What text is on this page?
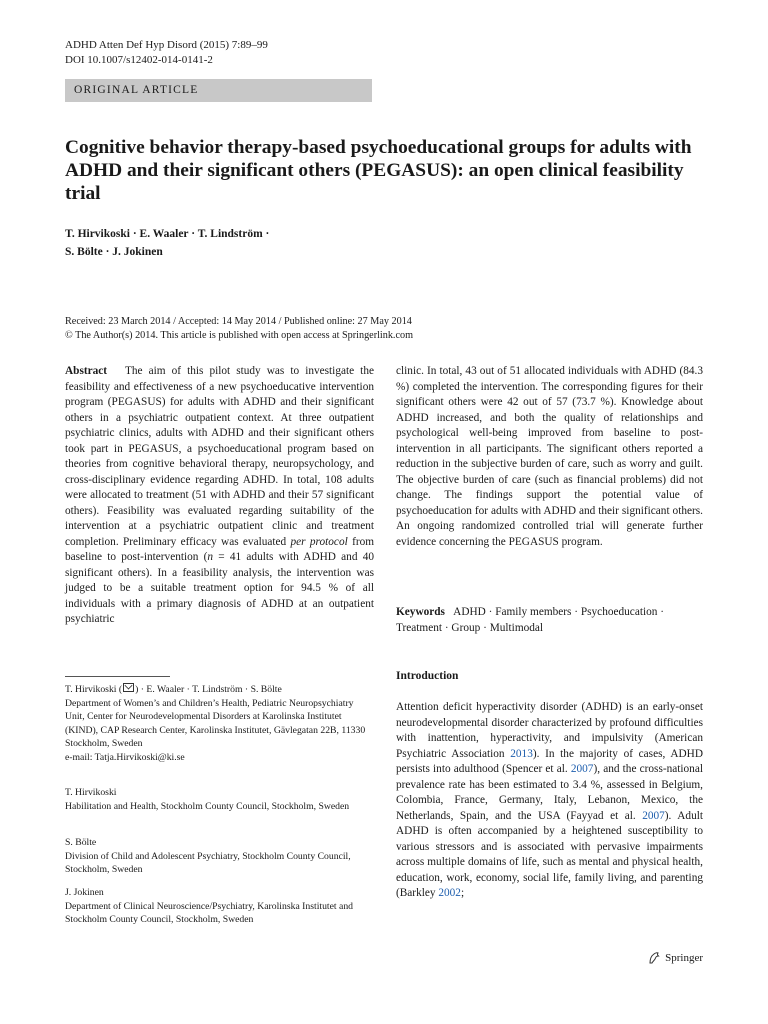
ADHD Atten Def Hyp Disord (2015) 7:89–99
DOI 10.1007/s12402-014-0141-2
ORIGINAL ARTICLE
Cognitive behavior therapy-based psychoeducational groups for adults with ADHD and their significant others (PEGASUS): an open clinical feasibility trial
T. Hirvikoski · E. Waaler · T. Lindström ·
S. Bölte · J. Jokinen
Received: 23 March 2014 / Accepted: 14 May 2014 / Published online: 27 May 2014
© The Author(s) 2014. This article is published with open access at Springerlink.com
Abstract The aim of this pilot study was to investigate the feasibility and effectiveness of a new psychoeducative intervention program (PEGASUS) for adults with ADHD and their significant others in a psychiatric outpatient context. At three outpatient psychiatric clinics, adults with ADHD and their significant others took part in PEGASUS, a psychoeducational program based on theories from cognitive behavioral therapy, neuropsychology, and cross-disciplinary evidence regarding ADHD. In total, 108 adults were allocated to treatment (51 with ADHD and their 57 significant others). Feasibility was evaluated regarding suitability of the intervention at a psychiatric outpatient clinic and treatment completion. Preliminary efficacy was evaluated per protocol from baseline to post-intervention (n = 41 adults with ADHD and 40 significant others). In a feasibility analysis, the intervention was judged to be a suitable treatment option for 94.5 % of all individuals with a primary diagnosis of ADHD at an outpatient psychiatric
clinic. In total, 43 out of 51 allocated individuals with ADHD (84.3 %) completed the intervention. The corresponding figures for their significant others were 42 out of 57 (73.7 %). Knowledge about ADHD increased, and both the quality of relationships and psychological well-being improved from baseline to post-intervention in all participants. The significant others reported a reduction in the subjective burden of care, such as worry and guilt. The objective burden of care (such as financial problems) did not change. The findings support the potential value of psychoeducation for adults with ADHD and their significant others. An ongoing randomized controlled trial will generate further evidence concerning the PEGASUS program.
Keywords ADHD · Family members · Psychoeducation · Treatment · Group · Multimodal
Introduction
Attention deficit hyperactivity disorder (ADHD) is an early-onset neurodevelopmental disorder characterized by profound difficulties with inattention, hyperactivity, and impulsivity (American Psychiatric Association 2013). In the majority of cases, ADHD persists into adulthood (Spencer et al. 2007), and the cross-national prevalence rate has been estimated to 3.4 %, assessed in Belgium, Colombia, France, Germany, Italy, Lebanon, Mexico, the Netherlands, Spain, and the USA (Fayyad et al. 2007). Adult ADHD is often accompanied by a heightened susceptibility to various stressors and is associated with pervasive impairments across multiple domains of life, such as mental and physical health, education, work, economy, social life, family living, and parenting (Barkley 2002;

T. Hirvikoski ( ) · E. Waaler · T. Lindström · S. Bölte

Department of Women’s and Children’s Health, Pediatric Neuropsychiatry Unit, Center for Neurodevelopmental Disorders at Karolinska Institutet (KIND), CAP Research Center, Karolinska Institutet, Gävlegatan 22B, 11330 Stockholm, Sweden

e-mail: Tatja.Hirvikoski@ki.se

T. Hirvikoski

Habilitation and Health, Stockholm County Council, Stockholm, Sweden

S. Bölte

Division of Child and Adolescent Psychiatry, Stockholm County Council, Stockholm, Sweden

J. Jokinen

Department of Clinical Neuroscience/Psychiatry, Karolinska Institutet and Stockholm County Council, Stockholm, Sweden

Springer
